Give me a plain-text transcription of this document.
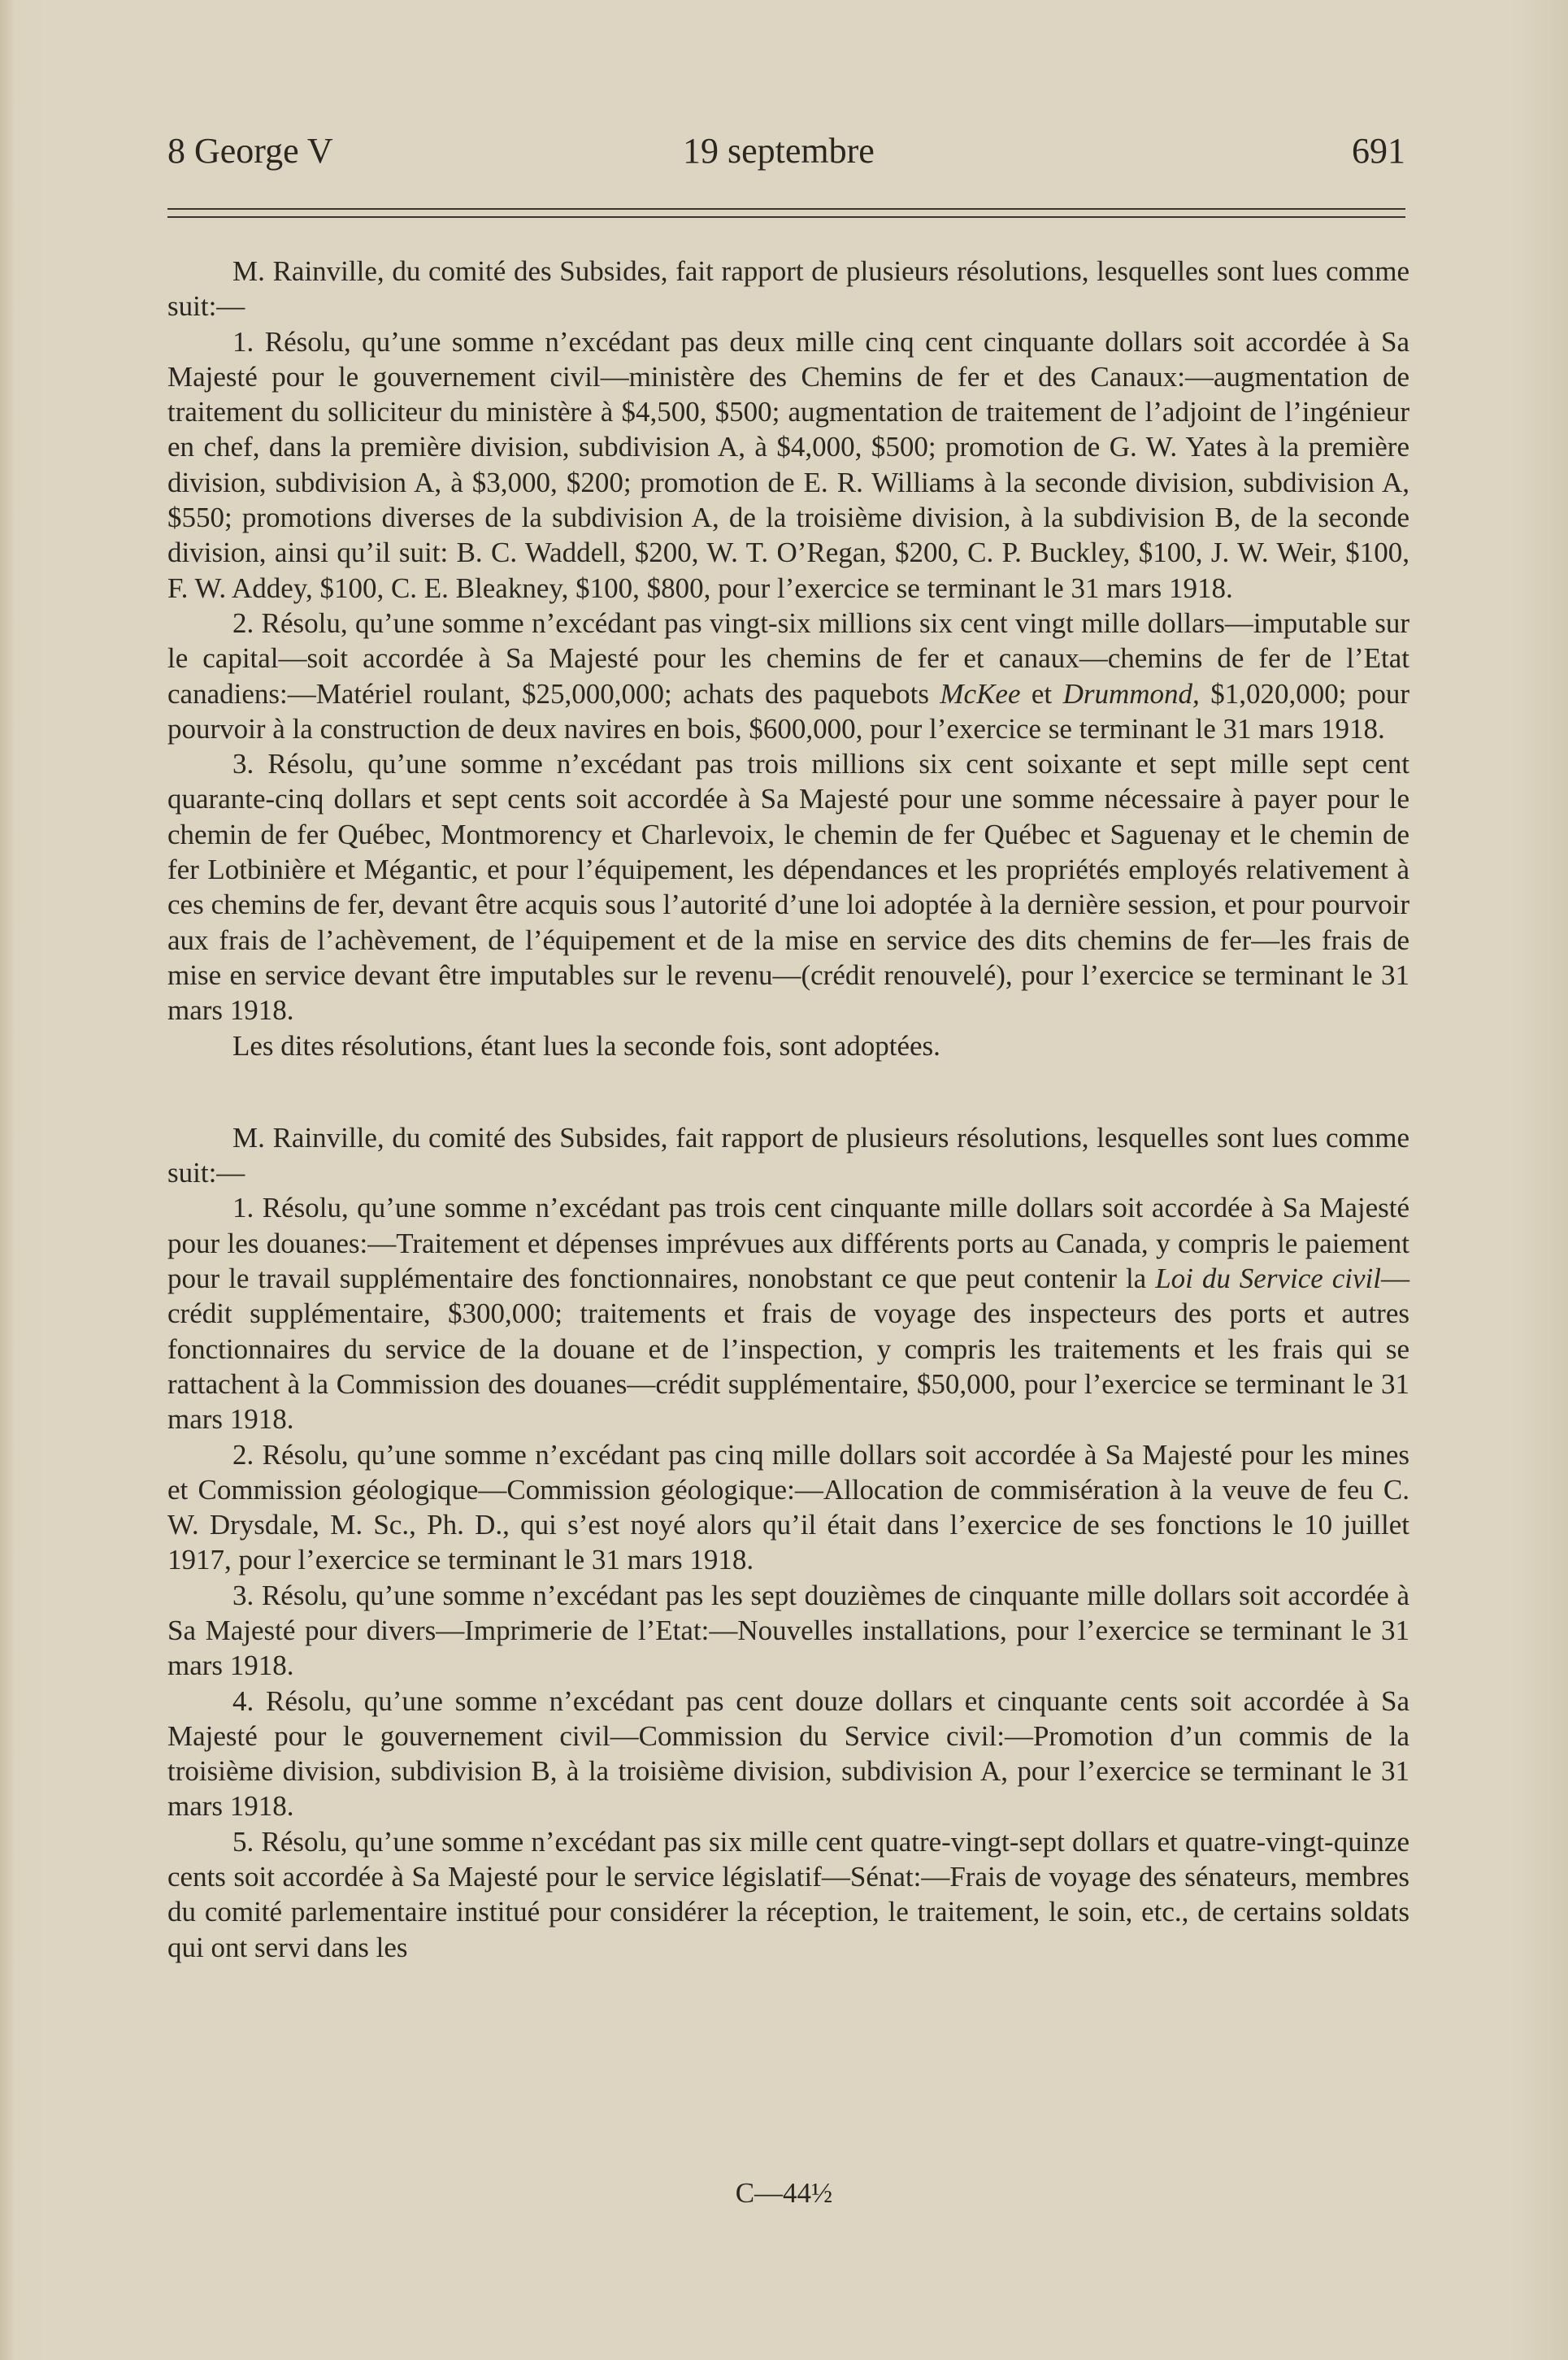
8 George V	19 septembre	691

M. Rainville, du comité des Subsides, fait rapport de plusieurs résolutions, lesquelles sont lues comme suit:—

1. Résolu, qu’une somme n’excédant pas deux mille cinq cent cinquante dollars soit accordée à Sa Majesté pour le gouvernement civil—ministère des Chemins de fer et des Canaux:—augmentation de traitement du solliciteur du ministère à $4,500, $500; augmentation de traitement de l’adjoint de l’ingénieur en chef, dans la première division, subdivision A, à $4,000, $500; promotion de G. W. Yates à la première division, subdivision A, à $3,000, $200; promotion de E. R. Williams à la seconde division, subdivision A, $550; promotions diverses de la subdivision A, de la troisième division, à la subdivision B, de la seconde division, ainsi qu’il suit: B. C. Waddell, $200, W. T. O’Regan, $200, C. P. Buckley, $100, J. W. Weir, $100, F. W. Addey, $100, C. E. Bleakney, $100, $800, pour l’exercice se terminant le 31 mars 1918.

2. Résolu, qu’une somme n’excédant pas vingt-six millions six cent vingt mille dollars—imputable sur le capital—soit accordée à Sa Majesté pour les chemins de fer et canaux—chemins de fer de l’Etat canadiens:—Matériel roulant, $25,000,000; achats des paquebots McKee et Drummond, $1,020,000; pour pourvoir à la construction de deux navires en bois, $600,000, pour l’exercice se terminant le 31 mars 1918.

3. Résolu, qu’une somme n’excédant pas trois millions six cent soixante et sept mille sept cent quarante-cinq dollars et sept cents soit accordée à Sa Majesté pour une somme nécessaire à payer pour le chemin de fer Québec, Montmorency et Charlevoix, le chemin de fer Québec et Saguenay et le chemin de fer Lotbinière et Mégantic, et pour l’équipement, les dépendances et les propriétés employés relativement à ces chemins de fer, devant être acquis sous l’autorité d’une loi adoptée à la dernière session, et pour pourvoir aux frais de l’achèvement, de l’équipement et de la mise en service des dits chemins de fer—les frais de mise en service devant être imputables sur le revenu—(crédit renouvelé), pour l’exercice se terminant le 31 mars 1918.

Les dites résolutions, étant lues la seconde fois, sont adoptées.

M. Rainville, du comité des Subsides, fait rapport de plusieurs résolutions, lesquelles sont lues comme suit:—

1. Résolu, qu’une somme n’excédant pas trois cent cinquante mille dollars soit accordée à Sa Majesté pour les douanes:—Traitement et dépenses imprévues aux différents ports au Canada, y compris le paiement pour le travail supplémentaire des fonctionnaires, nonobstant ce que peut contenir la Loi du Service civil—crédit supplémentaire, $300,000; traitements et frais de voyage des inspecteurs des ports et autres fonctionnaires du service de la douane et de l’inspection, y compris les traitements et les frais qui se rattachent à la Commission des douanes—crédit supplémentaire, $50,000, pour l’exercice se terminant le 31 mars 1918.

2. Résolu, qu’une somme n’excédant pas cinq mille dollars soit accordée à Sa Majesté pour les mines et Commission géologique—Commission géologique:—Allocation de commisération à la veuve de feu C. W. Drysdale, M. Sc., Ph. D., qui s’est noyé alors qu’il était dans l’exercice de ses fonctions le 10 juillet 1917, pour l’exercice se terminant le 31 mars 1918.

3. Résolu, qu’une somme n’excédant pas les sept douzièmes de cinquante mille dollars soit accordée à Sa Majesté pour divers—Imprimerie de l’Etat:—Nouvelles installations, pour l’exercice se terminant le 31 mars 1918.

4. Résolu, qu’une somme n’excédant pas cent douze dollars et cinquante cents soit accordée à Sa Majesté pour le gouvernement civil—Commission du Service civil:—Promotion d’un commis de la troisième division, subdivision B, à la troisième division, subdivision A, pour l’exercice se terminant le 31 mars 1918.

5. Résolu, qu’une somme n’excédant pas six mille cent quatre-vingt-sept dollars et quatre-vingt-quinze cents soit accordée à Sa Majesté pour le service législatif—Sénat:—Frais de voyage des sénateurs, membres du comité parlementaire institué pour considérer la réception, le traitement, le soin, etc., de certains soldats qui ont servi dans les

C—44½
